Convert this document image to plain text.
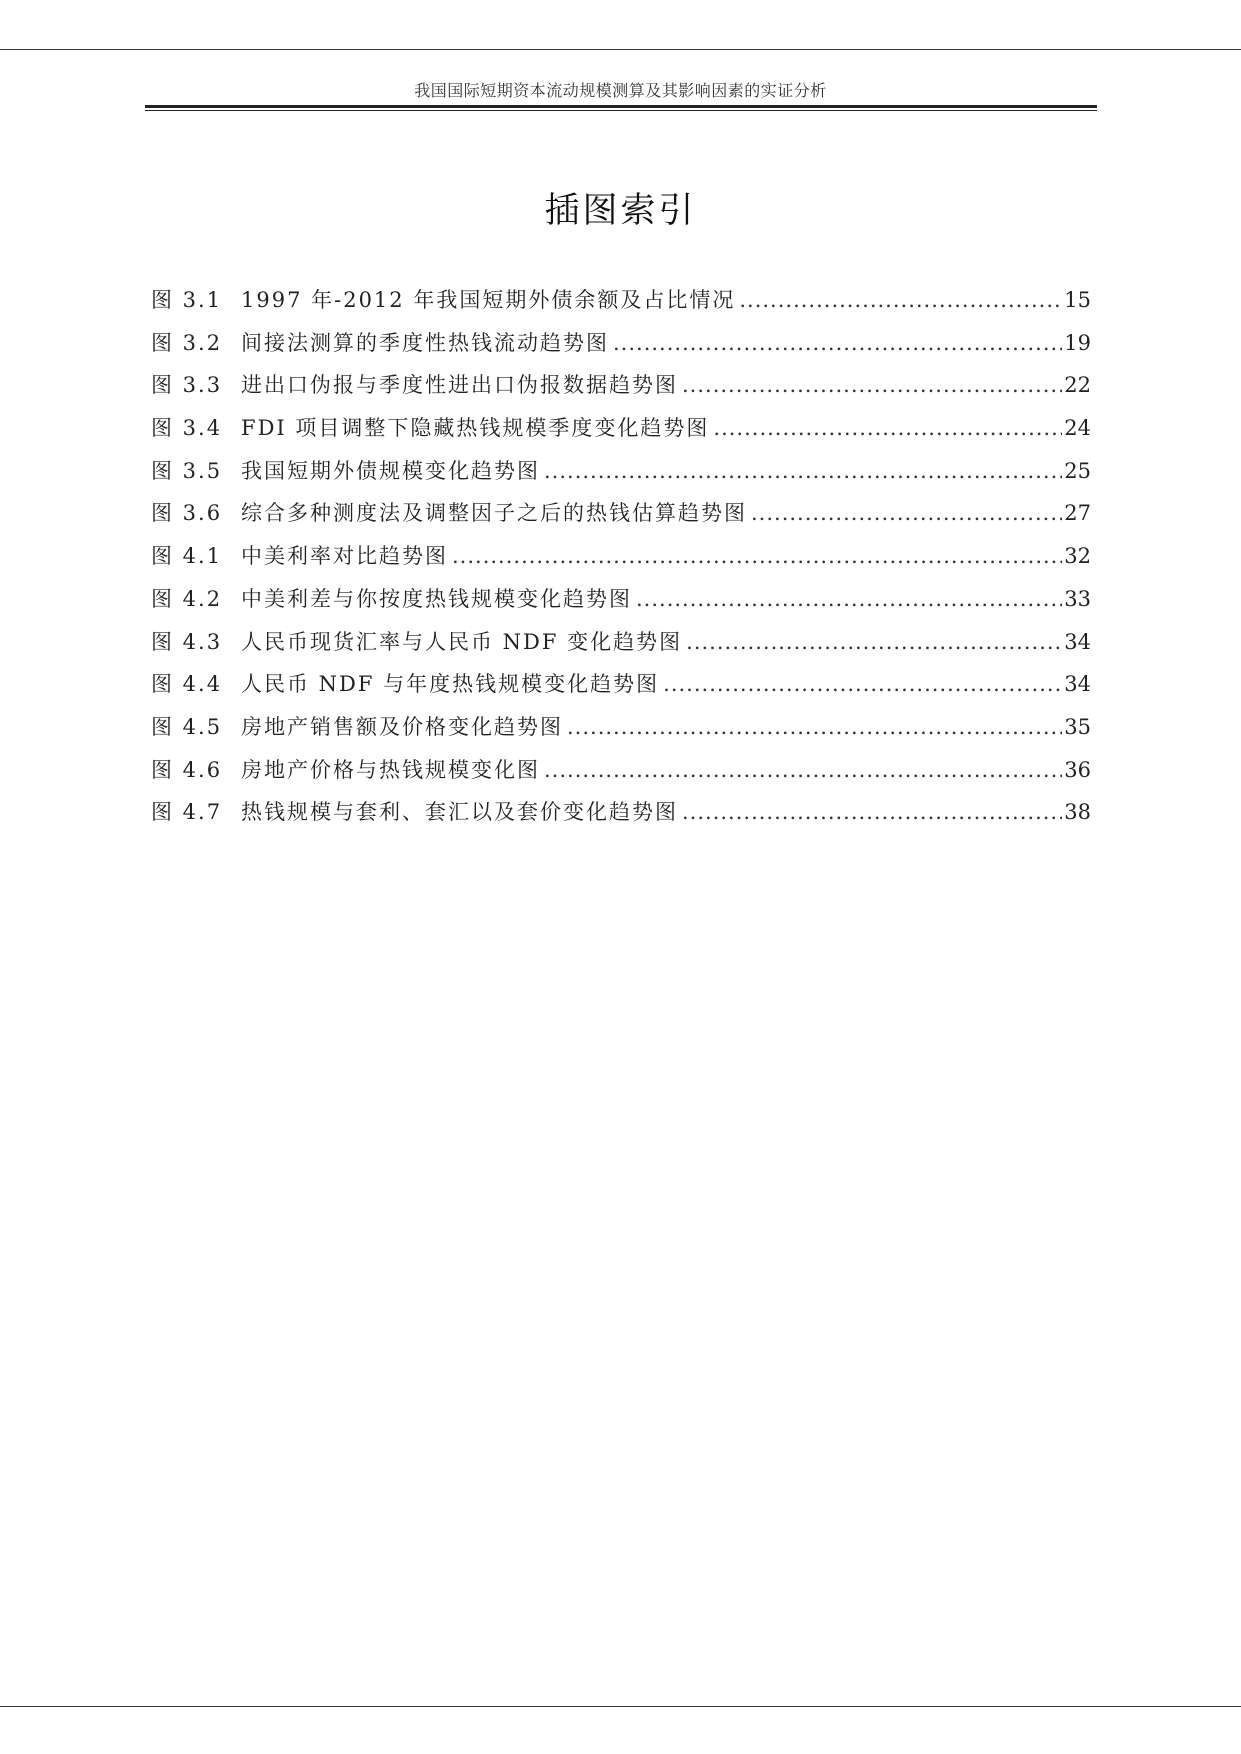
我国国际短期资本流动规模测算及其影响因素的实证分析
插图索引
图 3.1 1997 年-2012 年我国短期外债余额及占比情况 .....	15
图 3.2 间接法测算的季度性热钱流动趋势图 .....	19
图 3.3 进出口伪报与季度性进出口伪报数据趋势图 .....	22
图 3.4 FDI 项目调整下隐藏热钱规模季度变化趋势图 .....	24
图 3.5 我国短期外债规模变化趋势图 .....	25
图 3.6 综合多种测度法及调整因子之后的热钱估算趋势图 .....	27
图 4.1 中美利率对比趋势图 .....	32
图 4.2 中美利差与你按度热钱规模变化趋势图 .....	33
图 4.3 人民币现货汇率与人民币 NDF 变化趋势图 .....	34
图 4.4 人民币 NDF 与年度热钱规模变化趋势图 .....	34
图 4.5 房地产销售额及价格变化趋势图 .....	35
图 4.6 房地产价格与热钱规模变化图 .....	36
图 4.7 热钱规模与套利、套汇以及套价变化趋势图 .....	38
